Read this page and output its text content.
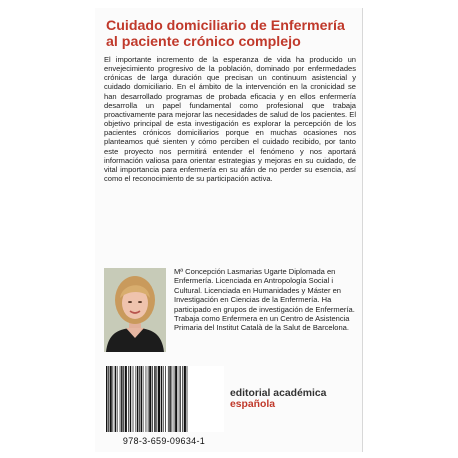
Cuidado domiciliario de Enfermería al paciente crónico complejo

El importante incremento de la esperanza de vida ha producido un envejecimiento progresivo de la población, dominado por enfermedades crónicas de larga duración que precisan un continuum asistencial y cuidado domiciliario. En el ámbito de la intervención en la cronicidad se han desarrollado programas de probada eficacia y en ellos enfermería desarrolla un papel fundamental como profesional que trabaja proactivamente para mejorar las necesidades de salud de los pacientes. El objetivo principal de esta investigación es explorar la percepción de los pacientes crónicos domiciliarios porque en muchas ocasiones nos planteamos qué sienten y cómo perciben el cuidado recibido, por tanto este proyecto nos permitirá entender el fenómeno y nos aportará información valiosa para orientar estrategias y mejoras en su cuidado, de vital importancia para enfermería en su afán de no perder su esencia, así como el reconocimiento de su participación activa.

Mª Concepción Lasmarias Ugarte Diplomada en Enfermería. Licenciada en Antropología Social i Cultural. Licenciada en Humanidades y Máster en Investigación en Ciencias de la Enfermería. Ha participado en grupos de investigación de Enfermería. Trabaja como Enfermera en un Centro de Asistencia Primaria del Institut Català de la Salut de Barcelona.
978-3-659-09634-1
editorial académica española
